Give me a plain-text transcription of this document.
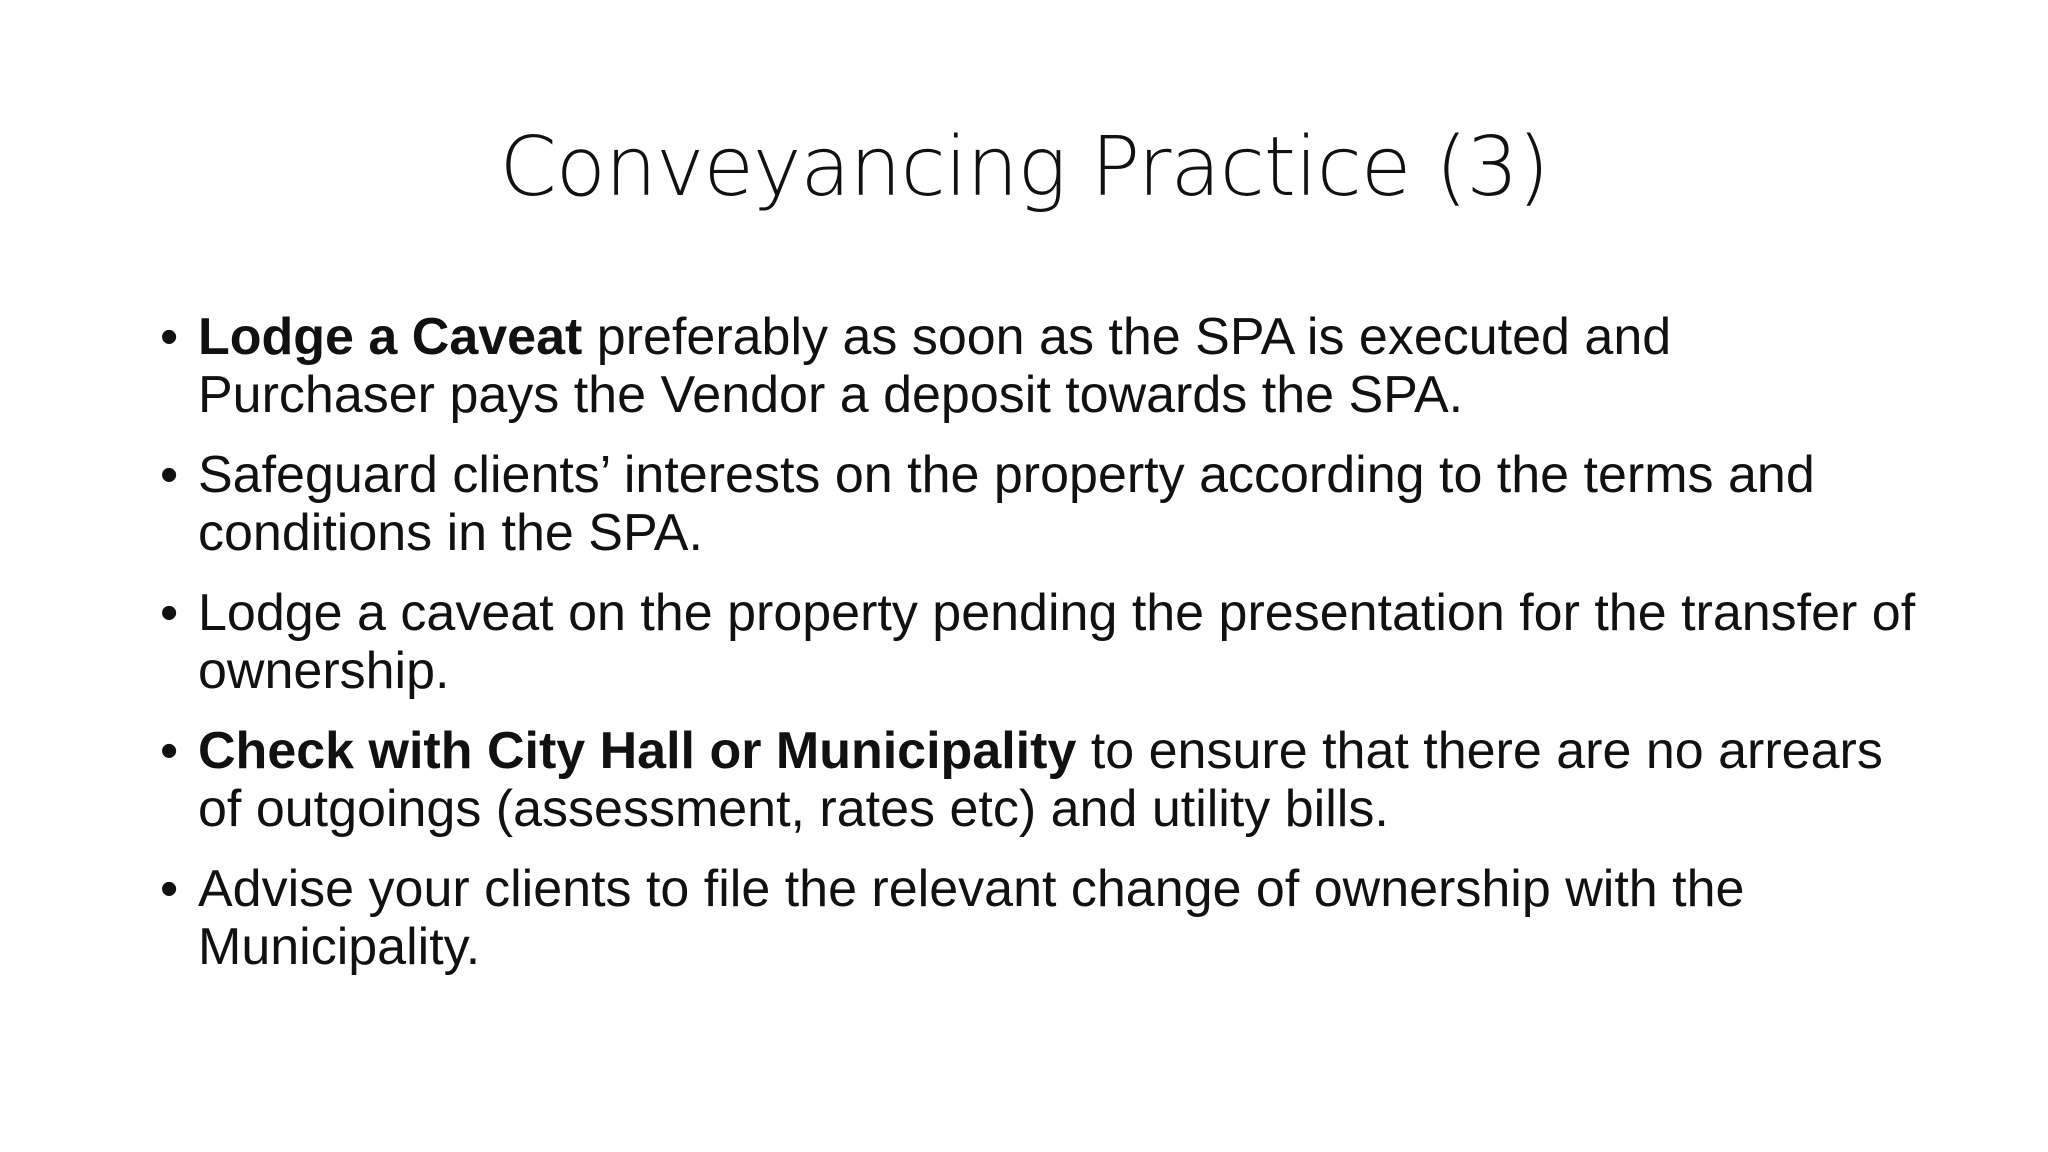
Conveyancing Practice (3)
• Lodge a Caveat preferably as soon as the SPA is executed and Purchaser pays the Vendor a deposit towards the SPA.
• Safeguard clients’ interests on the property according to the terms and conditions in the SPA.
• Lodge a caveat on the property pending the presentation for the transfer of ownership.
• Check with City Hall or Municipality to ensure that there are no arrears of outgoings (assessment, rates etc) and utility bills.
• Advise your clients to file the relevant change of ownership with the Municipality.
